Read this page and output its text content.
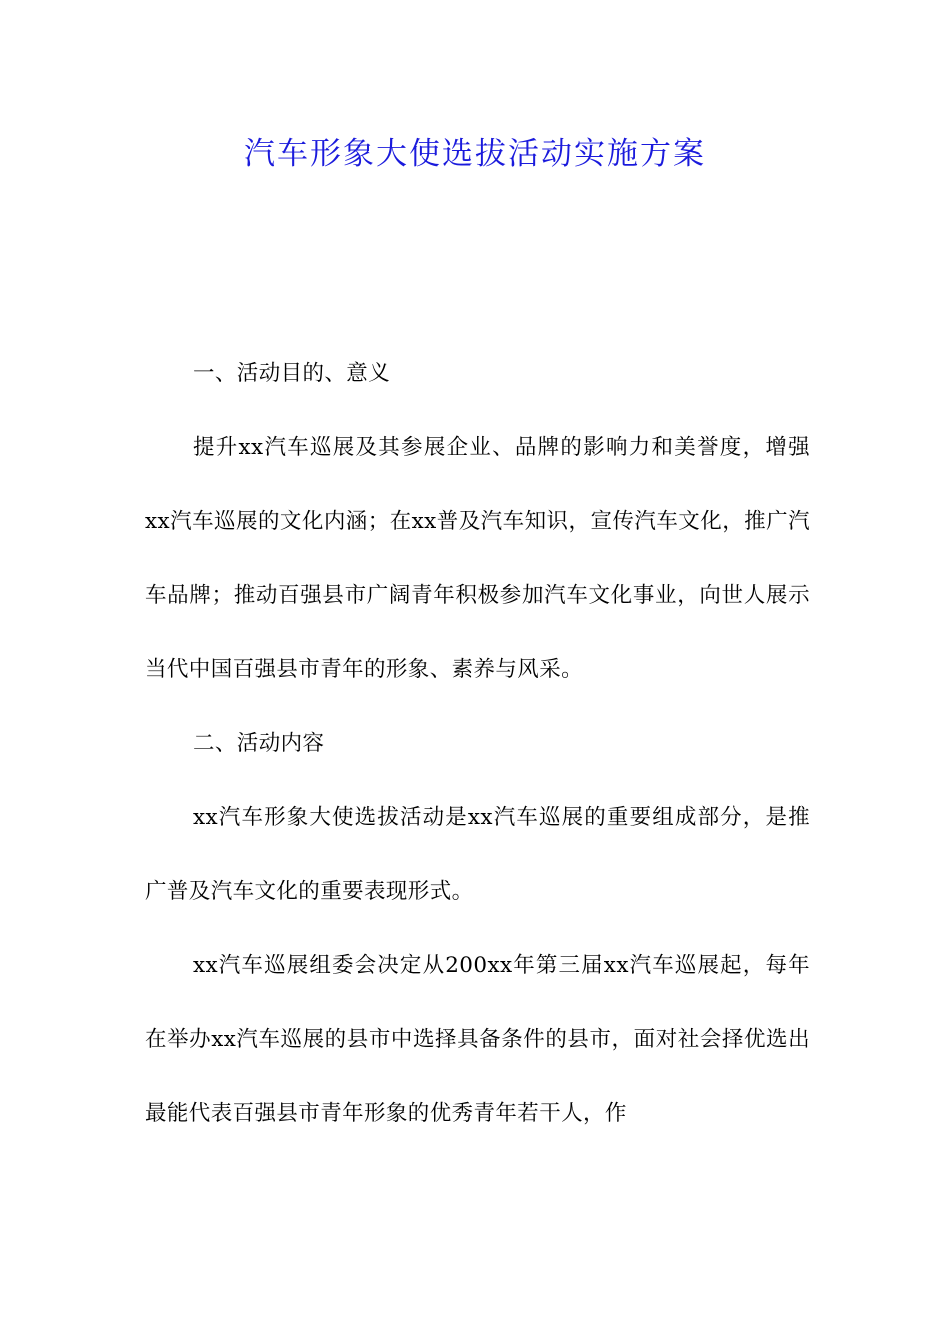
汽车形象大使选拔活动实施方案

一、活动目的、意义

提升xx汽车巡展及其参展企业、品牌的影响力和美誉度，增强xx汽车巡展的文化内涵；在xx普及汽车知识，宣传汽车文化，推广汽车品牌；推动百强县市广阔青年积极参加汽车文化事业，向世人展示当代中国百强县市青年的形象、素养与风采。

二、活动内容

xx汽车形象大使选拔活动是xx汽车巡展的重要组成部分，是推广普及汽车文化的重要表现形式。

xx汽车巡展组委会决定从200xx年第三届xx汽车巡展起，每年在举办xx汽车巡展的县市中选择具备条件的县市，面对社会择优选出最能代表百强县市青年形象的优秀青年若干人，作
